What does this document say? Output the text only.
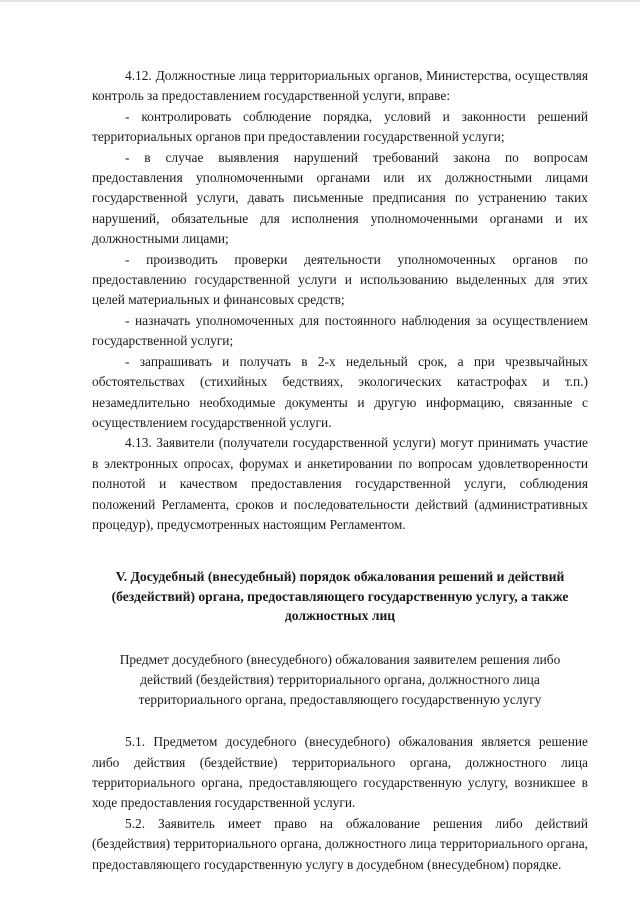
4.12. Должностные лица территориальных органов, Министерства, осуществляя контроль за предоставлением государственной услуги, вправе:

- контролировать соблюдение порядка, условий и законности решений территориальных органов при предоставлении государственной услуги;

- в случае выявления нарушений требований закона по вопросам предоставления уполномоченными органами или их должностными лицами государственной услуги, давать письменные предписания по устранению таких нарушений, обязательные для исполнения уполномоченными органами и их должностными лицами;

- производить проверки деятельности уполномоченных органов по предоставлению государственной услуги и использованию выделенных для этих целей материальных и финансовых средств;

- назначать уполномоченных для постоянного наблюдения за осуществлением государственной услуги;

- запрашивать и получать в 2-х недельный срок, а при чрезвычайных обстоятельствах (стихийных бедствиях, экологических катастрофах и т.п.) незамедлительно необходимые документы и другую информацию, связанные с осуществлением государственной услуги.

4.13. Заявители (получатели государственной услуги) могут принимать участие в электронных опросах, форумах и анкетировании по вопросам удовлетворенности полнотой и качеством предоставления государственной услуги, соблюдения положений Регламента, сроков и последовательности действий (административных процедур), предусмотренных настоящим Регламентом.

V. Досудебный (внесудебный) порядок обжалования решений и действий (бездействий) органа, предоставляющего государственную услугу, а также должностных лиц
Предмет досудебного (внесудебного) обжалования заявителем решения либо действий (бездействия) территориального органа, должностного лица территориального органа, предоставляющего государственную услугу

5.1. Предметом досудебного (внесудебного) обжалования является решение либо действия (бездействие) территориального органа, должностного лица территориального органа, предоставляющего государственную услугу, возникшее в ходе предоставления государственной услуги.

5.2. Заявитель имеет право на обжалование решения либо действий (бездействия) территориального органа, должностного лица территориального органа, предоставляющего государственную услугу в досудебном (внесудебном) порядке.
